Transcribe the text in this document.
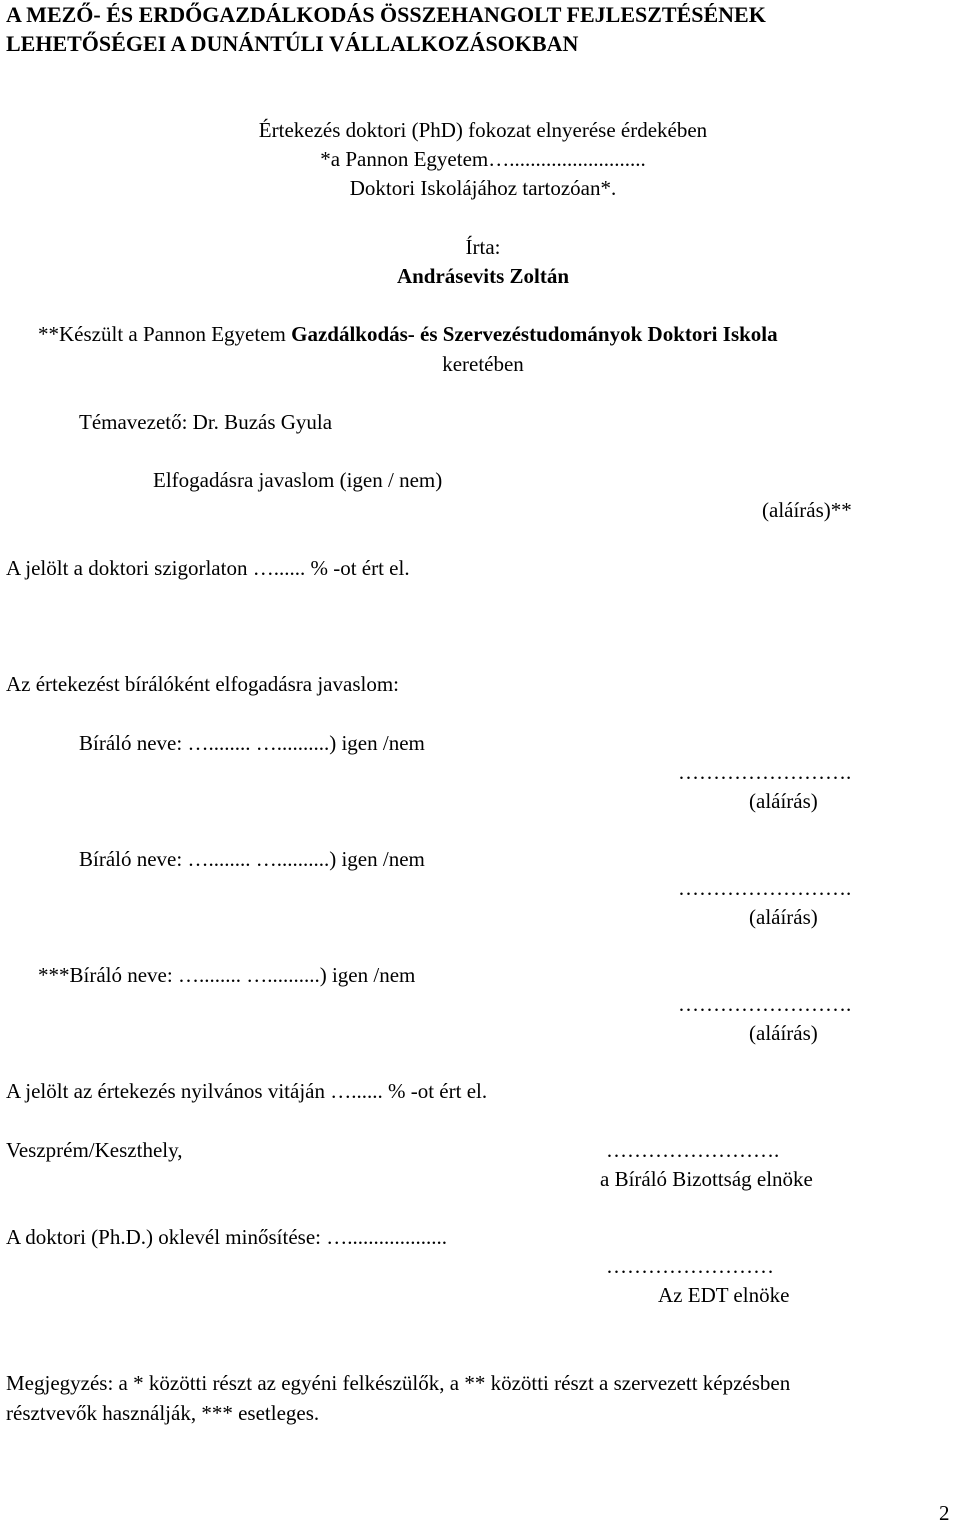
A MEZŐ- ÉS ERDŐGAZDÁLKODÁS ÖSSZEHANGOLT FEJLESZTÉSÉNEK
LEHETŐSÉGEI A DUNÁNTÚLI VÁLLALKOZÁSOKBAN
Értekezés doktori (PhD) fokozat elnyerése érdekében
*a Pannon Egyetem…..........................
Doktori Iskolájához tartozóan*.
Írta:
Andrásevits Zoltán
**Készült a Pannon Egyetem Gazdálkodás- és Szervezéstudományok Doktori Iskola
keretében
Témavezető: Dr. Buzás Gyula
Elfogadásra javaslom (igen / nem)
(aláírás)**
A jelölt a doktori szigorlaton …...... % -ot ért el.
Az értekezést bírálóként elfogadásra javaslom:
Bíráló neve: …........ …..........) igen /nem
…………………….
(aláírás)
Bíráló neve: …........ …..........) igen /nem
…………………….
(aláírás)
***Bíráló neve: …........ …..........) igen /nem
…………………….
(aláírás)
A jelölt az értekezés nyilvános vitáján …...... % -ot ért el.
Veszprém/Keszthely,	…………………….
a Bíráló Bizottság elnöke
A doktori (Ph.D.) oklevél minősítése: …...................
……………………
Az EDT elnöke
Megjegyzés: a * közötti részt az egyéni felkészülők, a ** közötti részt a szervezett képzésben
résztvevők használják, *** esetleges.
2
